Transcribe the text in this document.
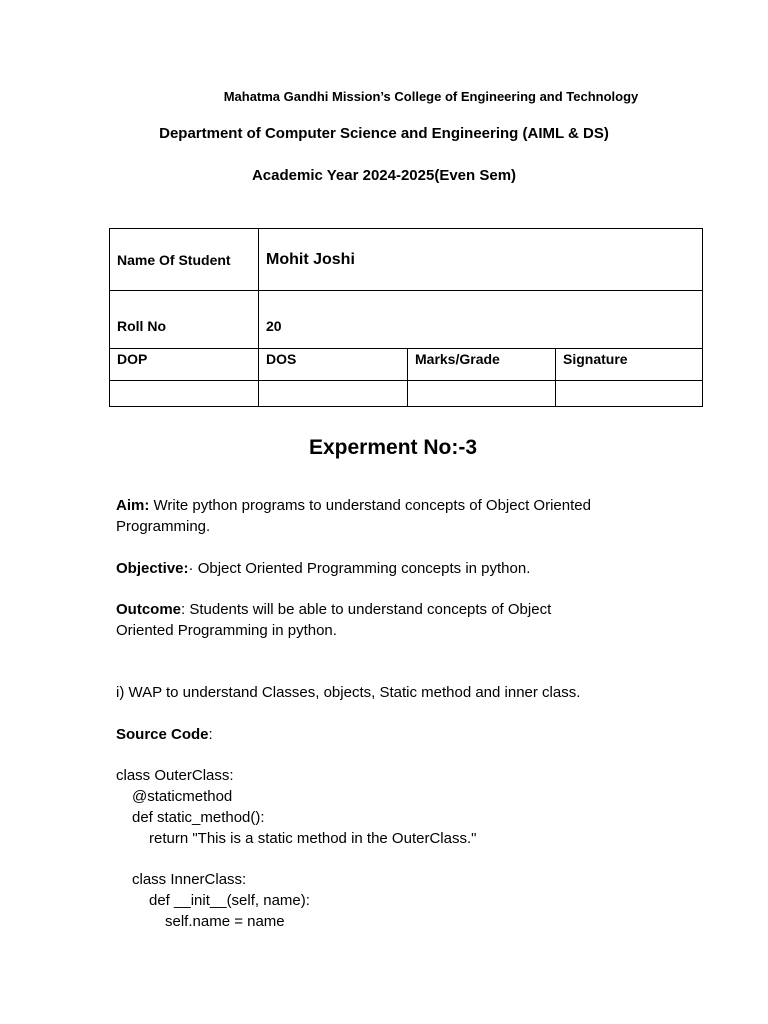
Mahatma Gandhi Mission’s College of Engineering and Technology
Department of Computer Science and Engineering (AIML & DS)
Academic Year 2024-2025(Even Sem)
Name Of Student	Mohit Joshi		
Roll No	20		
DOP	DOS	Marks/Grade	Signature

Experment No:-3
Aim: Write python programs to understand concepts of Object Oriented
Programming.
Objective:· Object Oriented Programming concepts in python.
Outcome: Students will be able to understand concepts of Object
Oriented Programming in python.
i) WAP to understand Classes, objects, Static method and inner class.
Source Code:
class OuterClass:
@staticmethod
def static_method():
return "This is a static method in the OuterClass."
class InnerClass:
def __init__(self, name):
self.name = name
